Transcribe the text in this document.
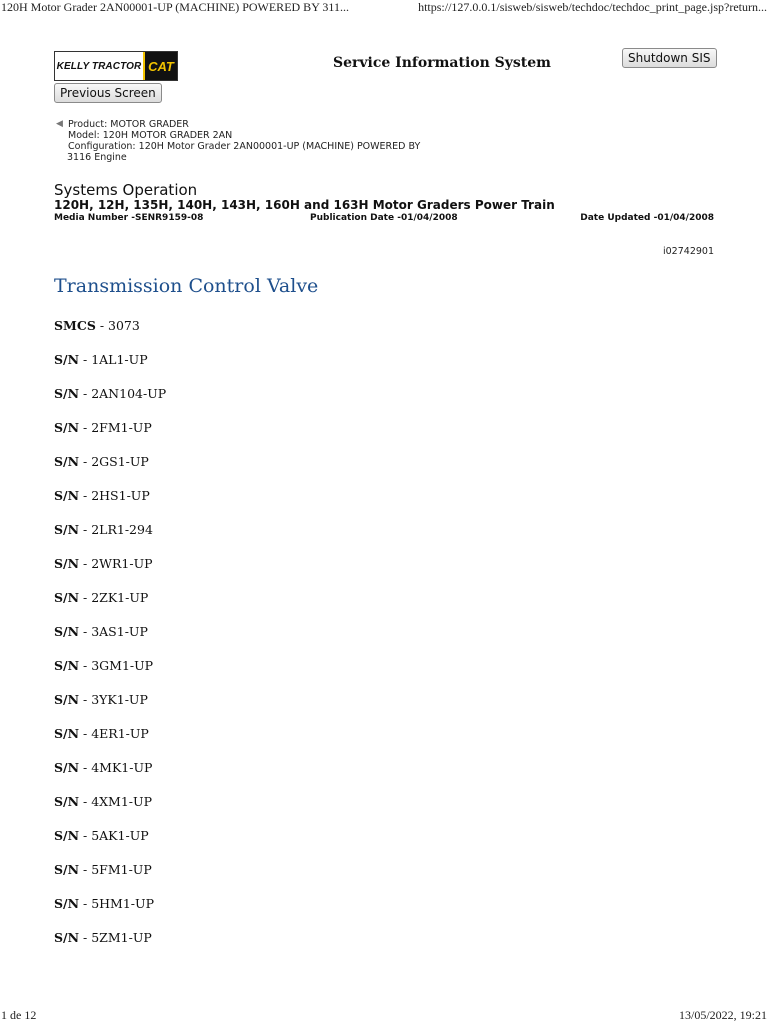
120H Motor Grader 2AN00001-UP (MACHINE) POWERED BY 311...	https://127.0.0.1/sisweb/sisweb/techdoc/techdoc_print_page.jsp?return...
KELLY TRACTOR CAT	Service Information System	Shutdown SIS
Previous Screen
◀ Product: MOTOR GRADER
Model: 120H MOTOR GRADER 2AN
Configuration: 120H Motor Grader 2AN00001-UP (MACHINE) POWERED BY
3116 Engine
Systems Operation
120H, 12H, 135H, 140H, 143H, 160H and 163H Motor Graders Power Train
Media Number -SENR9159-08	Publication Date -01/04/2008	Date Updated -01/04/2008
i02742901
Transmission Control Valve
SMCS - 3073
S/N - 1AL1-UP
S/N - 2AN104-UP
S/N - 2FM1-UP
S/N - 2GS1-UP
S/N - 2HS1-UP
S/N - 2LR1-294
S/N - 2WR1-UP
S/N - 2ZK1-UP
S/N - 3AS1-UP
S/N - 3GM1-UP
S/N - 3YK1-UP
S/N - 4ER1-UP
S/N - 4MK1-UP
S/N - 4XM1-UP
S/N - 5AK1-UP
S/N - 5FM1-UP
S/N - 5HM1-UP
S/N - 5ZM1-UP
1 de 12	13/05/2022, 19:21
